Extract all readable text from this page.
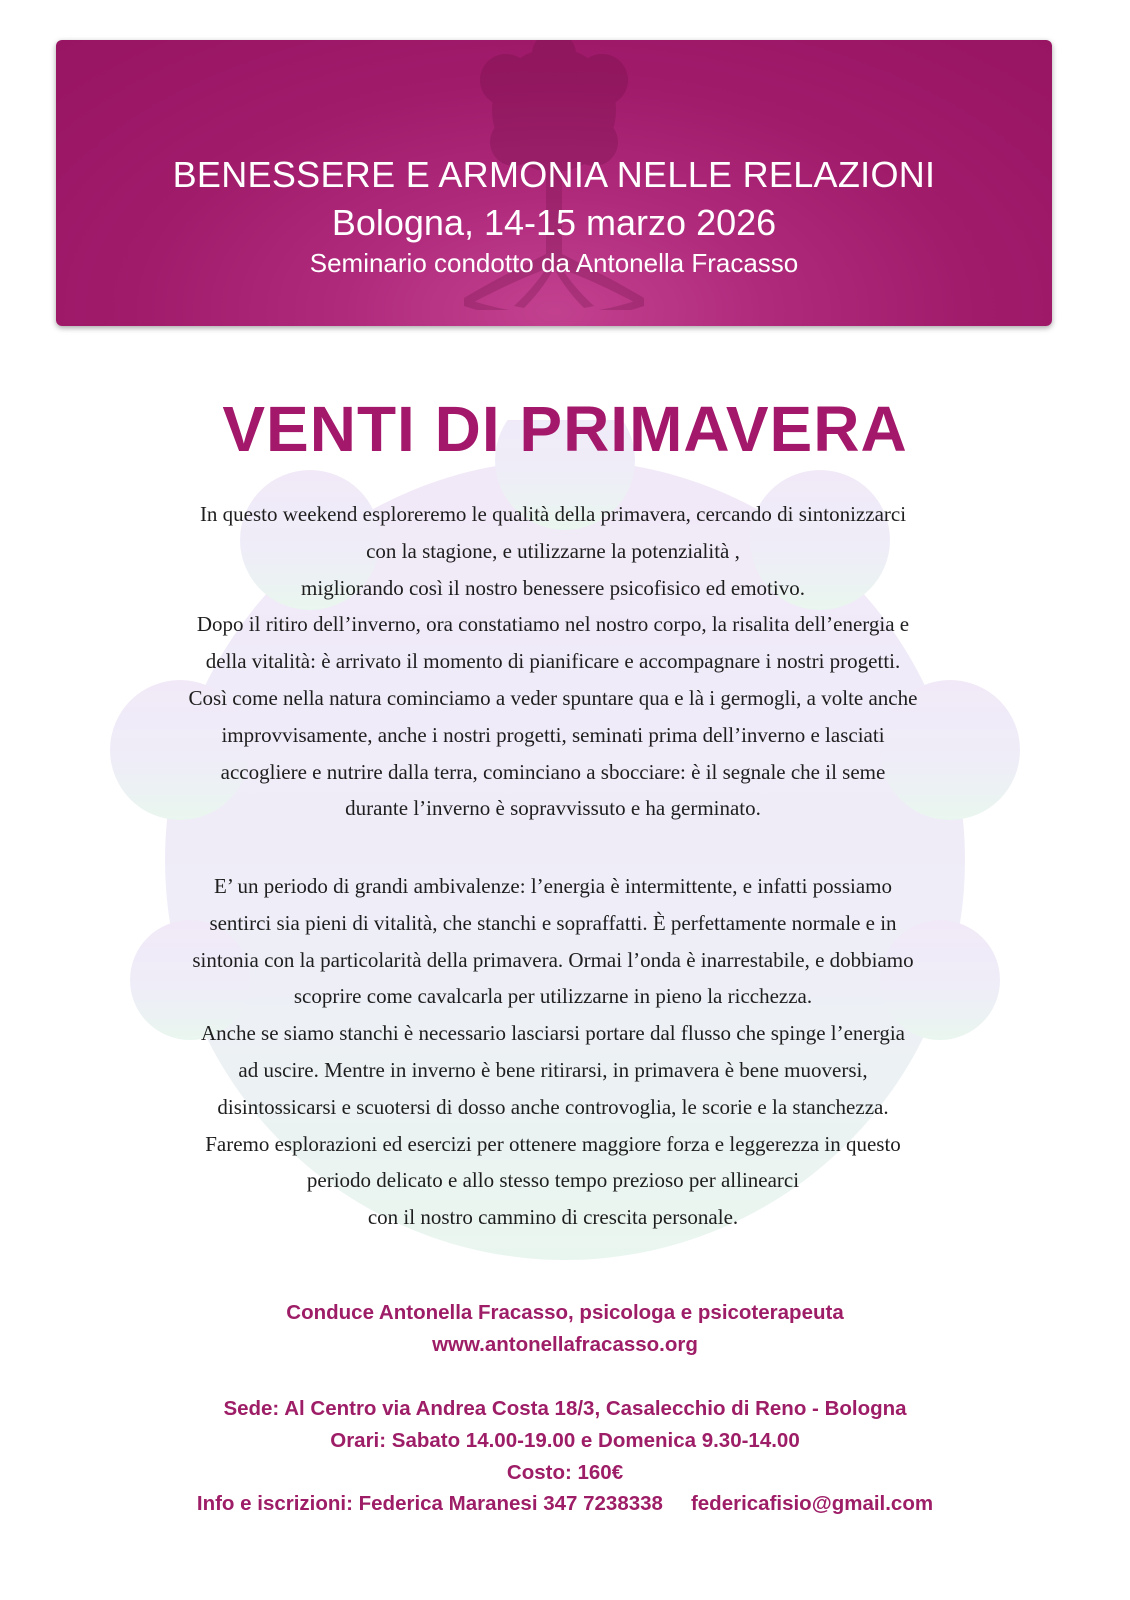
BENESSERE E ARMONIA NELLE RELAZIONI
Bologna, 14-15 marzo 2026
Seminario condotto da Antonella Fracasso
VENTI DI PRIMAVERA

In questo weekend esploreremo le qualità della primavera, cercando di sintonizzarci

con la stagione, e utilizzarne la potenzialità ,

migliorando così il nostro benessere psicofisico ed emotivo.

Dopo il ritiro dell’inverno, ora constatiamo nel nostro corpo, la risalita dell’energia e

della vitalità: è arrivato il momento di pianificare e accompagnare i nostri progetti.

Così come nella natura cominciamo a veder spuntare qua e là i germogli, a volte anche

improvvisamente, anche i nostri progetti, seminati prima dell’inverno e lasciati

accogliere e nutrire dalla terra, cominciano a sbocciare: è il segnale che il seme

durante l’inverno è sopravvissuto e ha germinato.

E’ un periodo di grandi ambivalenze: l’energia è intermittente, e infatti possiamo

sentirci sia pieni di vitalità, che stanchi e sopraffatti. È perfettamente normale e in

sintonia con la particolarità della primavera. Ormai l’onda è inarrestabile, e dobbiamo

scoprire come cavalcarla per utilizzarne in pieno la ricchezza.

Anche se siamo stanchi è necessario lasciarsi portare dal flusso che spinge l’energia

ad uscire. Mentre in inverno è bene ritirarsi, in primavera è bene muoversi,

disintossicarsi e scuotersi di dosso anche controvoglia, le scorie e la stanchezza.

Faremo esplorazioni ed esercizi per ottenere maggiore forza e leggerezza in questo

periodo delicato e allo stesso tempo prezioso per allinearci

con il nostro cammino di crescita personale.

Conduce Antonella Fracasso, psicologa e psicoterapeuta
www.antonellafracasso.org
Sede: Al Centro via Andrea Costa 18/3, Casalecchio di Reno - Bologna
Orari: Sabato 14.00-19.00 e Domenica 9.30-14.00
Costo: 160€
Info e iscrizioni: Federica Maranesi 347 7238338 federicafisio@gmail.com
